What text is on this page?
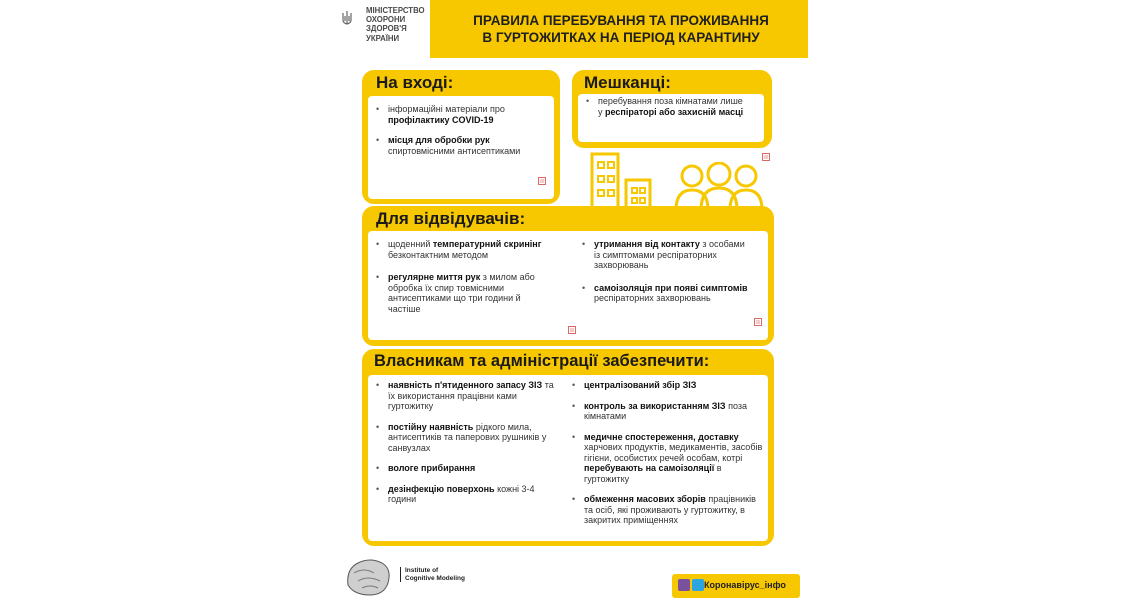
МІНІСТЕРСТВО
ОХОРОНИ
ЗДОРОВ'Я
УКРАЇНИ
ПРАВИЛА ПЕРЕБУВАННЯ ТА ПРОЖИВАННЯ
В ГУРТОЖИТКАХ НА ПЕРІОД КАРАНТИНУ
На вході:
• інформаційні матеріали про профілактику COVID-19
• місця для обробки рук спиртовмісними антисептиками
Мешканці:
• перебування поза кімнатами лише у респіраторі або захисній масці
Для відвідувачів:
• щоденний температурний скринінг безконтактним методом
• регулярне миття рук з милом або обробка їх спир товмісними антисептиками що три години й частіше
• утримання від контакту з особами із симптомами респіраторних захворювань
• самоізоляція при появі симптомів респіраторних захворювань
Власникам та адміністрації забезпечити:
• наявність п'ятиденного запасу ЗІЗ та їх використання працівни ками гуртожитку
• постійну наявність рідкого мила, антисептиків та паперових рушників у санвузлах
• вологе прибирання
• дезінфекцію поверхонь кожні 3-4 години
• централізований збір ЗІЗ
• контроль за використанням ЗІЗ поза кімнатами
• медичне спостереження, доставку харчових продуктів, медикаментів, засобів гігієни, особистих речей особам, котрі перебувають на самоізоляції в гуртожитку
• обмеження масових зборів працівників та осіб, які проживають у гуртожитку, в закритих приміщеннях
Institute of
Cognitive Modeling
Коронавірус_інфо
